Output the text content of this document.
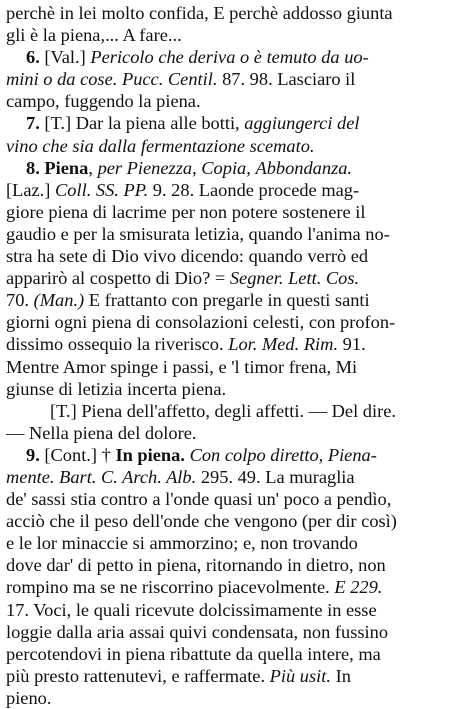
perchè in lei molto confida, E perchè addosso giunta
gli è la piena,... A fare...
6. [Val.] Pericolo che deriva o è temuto da uo-
mini o da cose. Pucc. Centil. 87. 98. Lasciaro il
campo, fuggendo la piena.
7. [T.] Dar la piena alle botti, aggiungerci del
vino che sia dalla fermentazione scemato.
8. Piena, per Pienezza, Copia, Abbondanza.
[Laz.] Coll. SS. PP. 9. 28. Laonde procede mag-
giore piena di lacrime per non potere sostenere il
gaudio e per la smisurata letizia, quando l'anima no-
stra ha sete di Dio vivo dicendo: quando verrò ed
apparirò al cospetto di Dio? = Segner. Lett. Cos.
70. (Man.) E frattanto con pregarle in questi santi
giorni ogni piena di consolazioni celesti, con profon-
dissimo ossequio la riverisco. Lor. Med. Rim. 91.
Mentre Amor spinge i passi, e 'l timor frena, Mi
giunse di letizia incerta piena.
[T.] Piena dell'affetto, degli affetti. — Del dire.
— Nella piena del dolore.
9. [Cont.] † In piena. Con colpo diretto, Piena-
mente. Bart. C. Arch. Alb. 295. 49. La muraglia
de' sassi stia contro a l'onde quasi un' poco a pendìo,
acciò che il peso dell'onde che vengono (per dir così)
e le lor minaccie si ammorzino; e, non trovando
dove dar' di petto in piena, ritornando in dietro, non
rompino ma se ne riscorrino piacevolmente. E 229.
17. Voci, le quali ricevute dolcissimamente in esse
loggie dalla aria assai quivi condensata, non fussino
percotendovi in piena ribattute da quella intere, ma
più presto rattenutevi, e raffermate. Più usit. In
pieno.
